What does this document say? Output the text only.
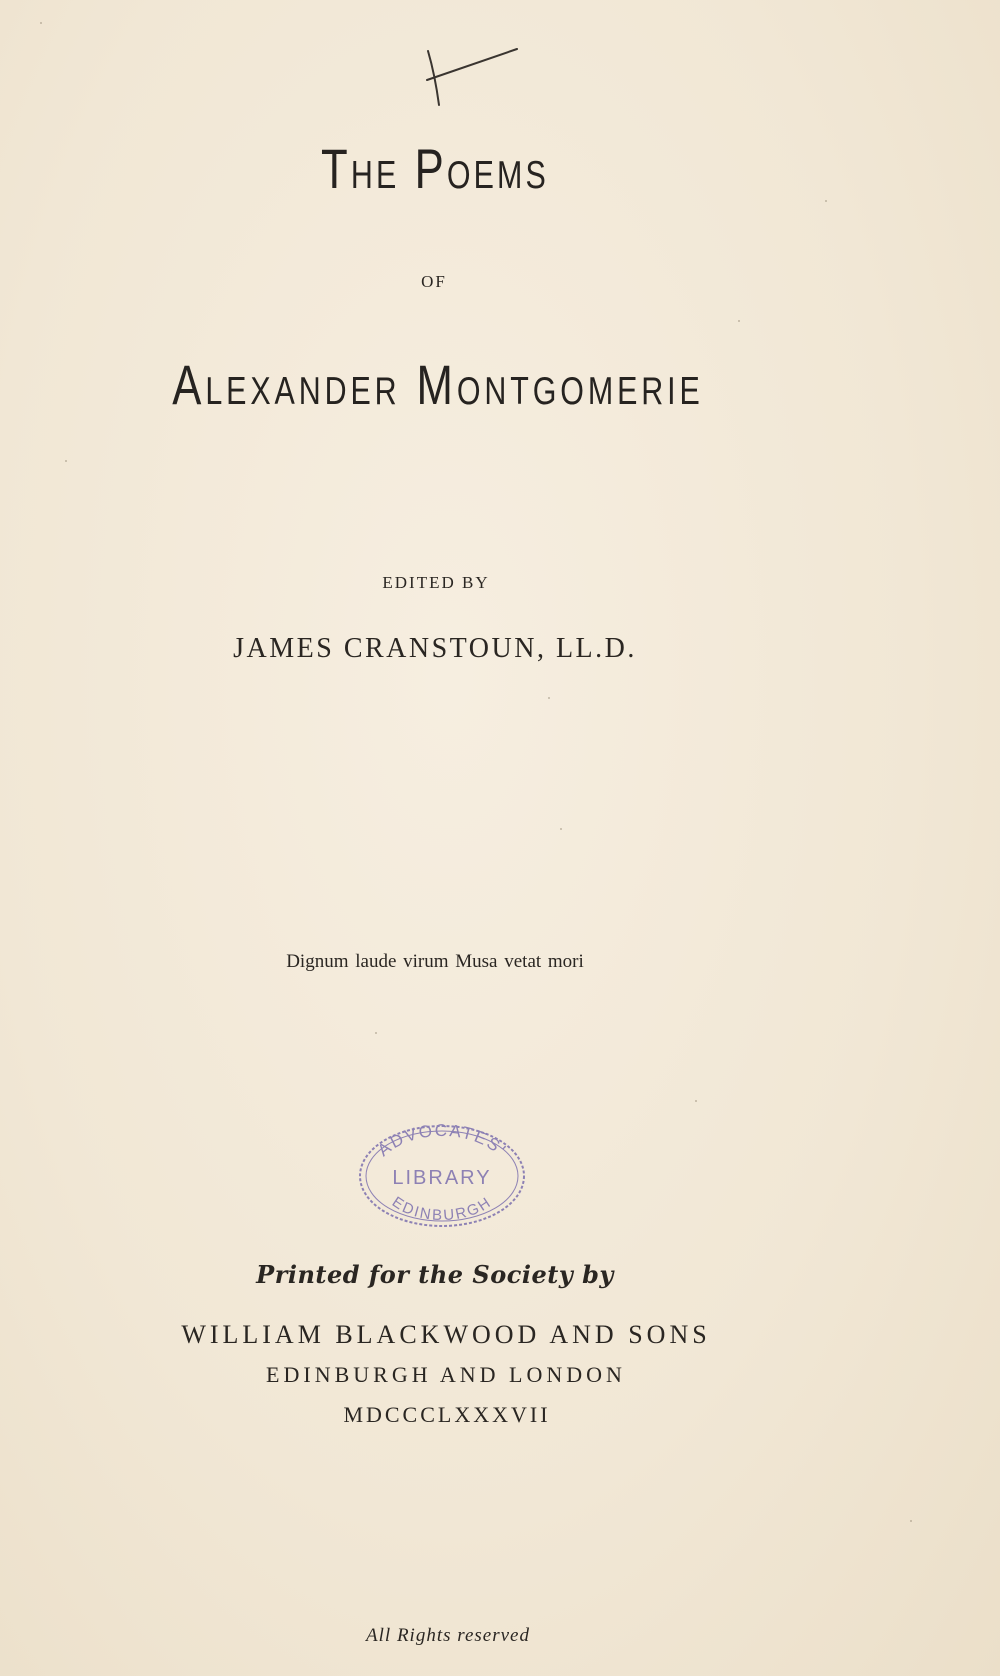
The Poems
OF
Alexander Montgomerie
EDITED BY
JAMES CRANSTOUN, LL.D.
Dignum laude virum Musa vetat mori
ADVOCATES'
LIBRARY
EDINBURGH
Printed for the Society by
WILLIAM BLACKWOOD AND SONS
EDINBURGH AND LONDON
MDCCCLXXXVII
All Rights reserved
